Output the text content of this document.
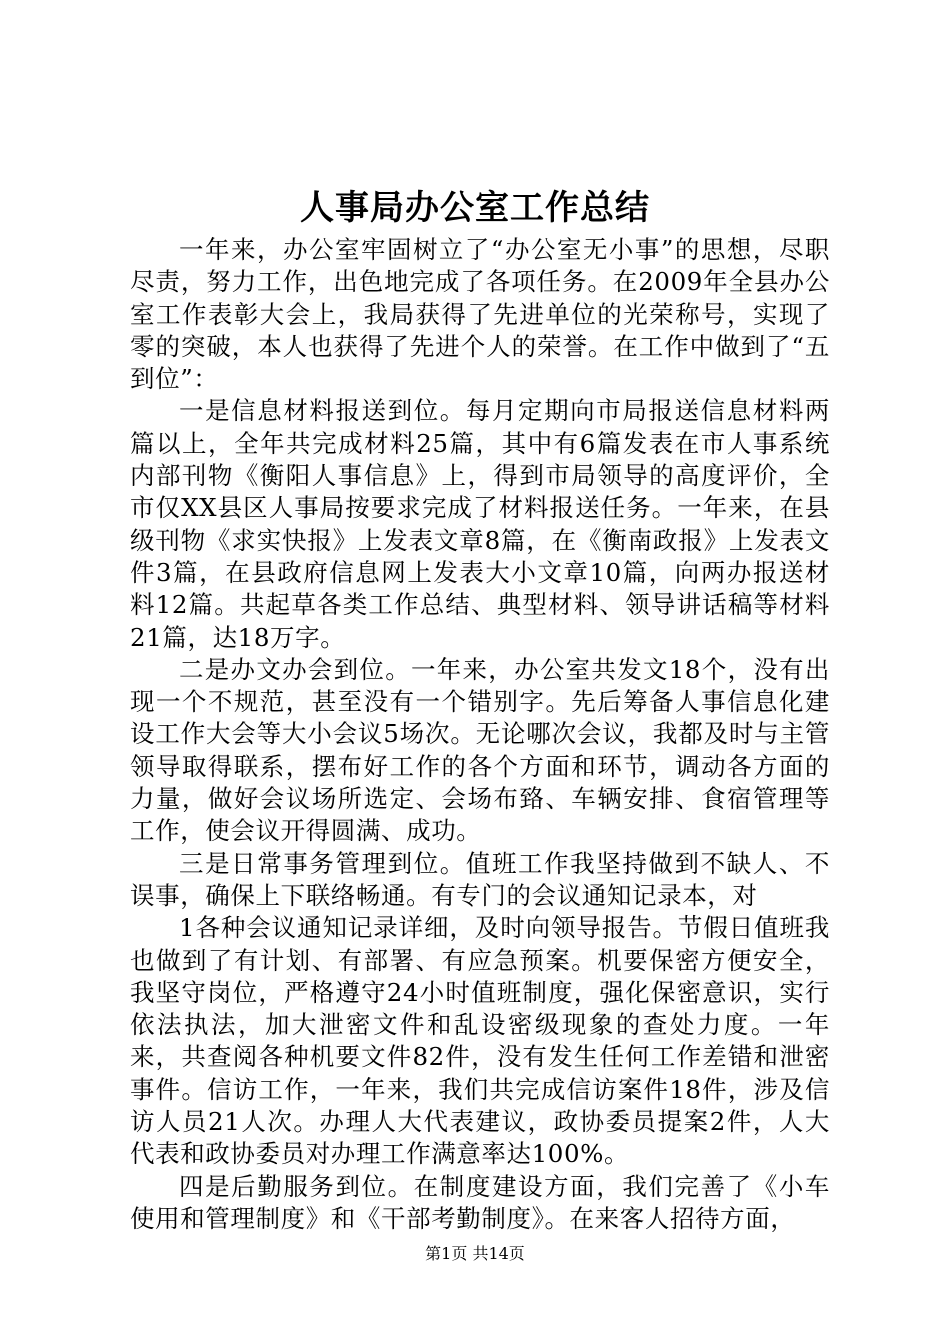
人事局办公室工作总结

一年来，办公室牢固树立了“办公室无小事”的思想，尽职尽责，努力工作，出色地完成了各项任务。在2009年全县办公室工作表彰大会上，我局获得了先进单位的光荣称号，实现了零的突破，本人也获得了先进个人的荣誉。在工作中做到了“五到位”：

一是信息材料报送到位。每月定期向市局报送信息材料两篇以上，全年共完成材料25篇，其中有6篇发表在市人事系统内部刊物《衡阳人事信息》上，得到市局领导的高度评价，全市仅XX县区人事局按要求完成了材料报送任务。一年来，在县级刊物《求实快报》上发表文章8篇，在《衡南政报》上发表文件3篇，在县政府信息网上发表大小文章10篇，向两办报送材料12篇。共起草各类工作总结、典型材料、领导讲话稿等材料21篇，达18万字。

二是办文办会到位。一年来，办公室共发文18个，没有出现一个不规范，甚至没有一个错别字。先后筹备人事信息化建设工作大会等大小会议5场次。无论哪次会议，我都及时与主管领导取得联系，摆布好工作的各个方面和环节，调动各方面的力量，做好会议场所选定、会场布臵、车辆安排、食宿管理等工作，使会议开得圆满、成功。

三是日常事务管理到位。值班工作我坚持做到不缺人、不误事，确保上下联络畅通。有专门的会议通知记录本，对

1各种会议通知记录详细，及时向领导报告。节假日值班我也做到了有计划、有部署、有应急预案。机要保密方便安全，我坚守岗位，严格遵守24小时值班制度，强化保密意识，实行依法执法，加大泄密文件和乱设密级现象的查处力度。一年来，共查阅各种机要文件82件，没有发生任何工作差错和泄密事件。信访工作，一年来，我们共完成信访案件18件，涉及信访人员21人次。办理人大代表建议，政协委员提案2件，人大代表和政协委员对办理工作满意率达100%。

四是后勤服务到位。在制度建设方面，我们完善了《小车使用和管理制度》和《干部考勤制度》。在来客人招待方面，

第1页 共14页
